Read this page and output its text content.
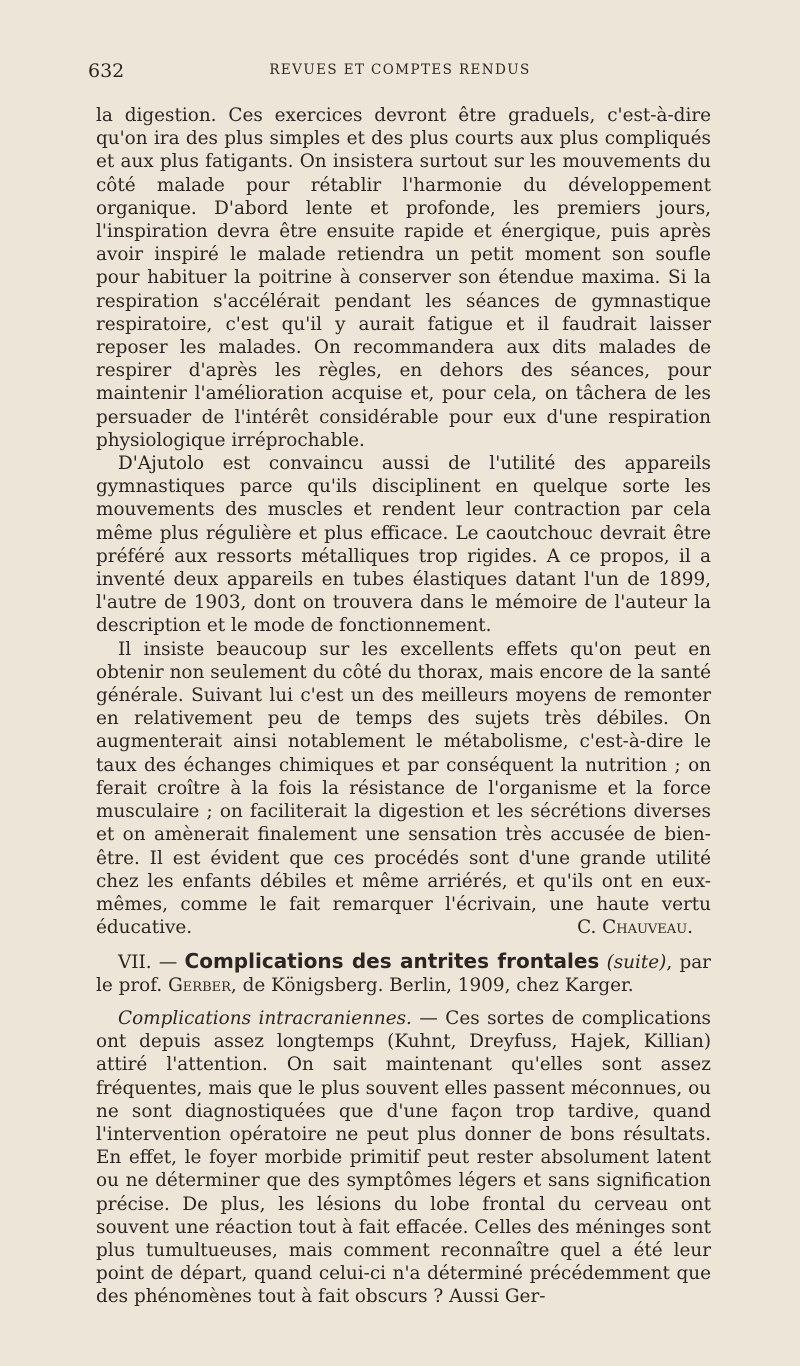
632	REVUES ET COMPTES RENDUS

la digestion. Ces exercices devront être graduels, c'est-à-dire qu'on ira des plus simples et des plus courts aux plus compliqués et aux plus fatigants. On insistera surtout sur les mouvements du côté malade pour rétablir l'harmonie du développement organique. D'abord lente et profonde, les premiers jours, l'inspiration devra être ensuite rapide et énergique, puis après avoir inspiré le malade retiendra un petit moment son soufle pour habituer la poitrine à conserver son étendue maxima. Si la respiration s'accélérait pendant les séances de gymnastique respiratoire, c'est qu'il y aurait fatigue et il faudrait laisser reposer les malades. On recommandera aux dits malades de respirer d'après les règles, en dehors des séances, pour maintenir l'amélioration acquise et, pour cela, on tâchera de les persuader de l'intérêt considérable pour eux d'une respiration physiologique irréprochable.

D'Ajutolo est convaincu aussi de l'utilité des appareils gymnastiques parce qu'ils disciplinent en quelque sorte les mouvements des muscles et rendent leur contraction par cela même plus régulière et plus efficace. Le caoutchouc devrait être préféré aux ressorts métalliques trop rigides. A ce propos, il a inventé deux appareils en tubes élastiques datant l'un de 1899, l'autre de 1903, dont on trouvera dans le mémoire de l'auteur la description et le mode de fonctionnement.

Il insiste beaucoup sur les excellents effets qu'on peut en obtenir non seulement du côté du thorax, mais encore de la santé générale. Suivant lui c'est un des meilleurs moyens de remonter en relativement peu de temps des sujets très débiles. On augmenterait ainsi notablement le métabolisme, c'est-à-dire le taux des échanges chimiques et par conséquent la nutrition ; on ferait croître à la fois la résistance de l'organisme et la force musculaire ; on faciliterait la digestion et les sécrétions diverses et on amènerait finalement une sensation très accusée de bien-être. Il est évident que ces procédés sont d'une grande utilité chez les enfants débiles et même arriérés, et qu'ils ont en eux-mêmes, comme le fait remarquer l'écrivain, une haute vertu éducative.	C. Chauveau.

VII. — Complications des antrites frontales (suite), par le prof. Gerber, de Königsberg. Berlin, 1909, chez Karger.

Complications intracraniennes. — Ces sortes de complications ont depuis assez longtemps (Kuhnt, Dreyfuss, Hajek, Killian) attiré l'attention. On sait maintenant qu'elles sont assez fréquentes, mais que le plus souvent elles passent méconnues, ou ne sont diagnostiquées que d'une façon trop tardive, quand l'intervention opératoire ne peut plus donner de bons résultats. En effet, le foyer morbide primitif peut rester absolument latent ou ne déterminer que des symptômes légers et sans signification précise. De plus, les lésions du lobe frontal du cerveau ont souvent une réaction tout à fait effacée. Celles des méninges sont plus tumultueuses, mais comment reconnaître quel a été leur point de départ, quand celui-ci n'a déterminé précédemment que des phénomènes tout à fait obscurs ? Aussi Ger-
